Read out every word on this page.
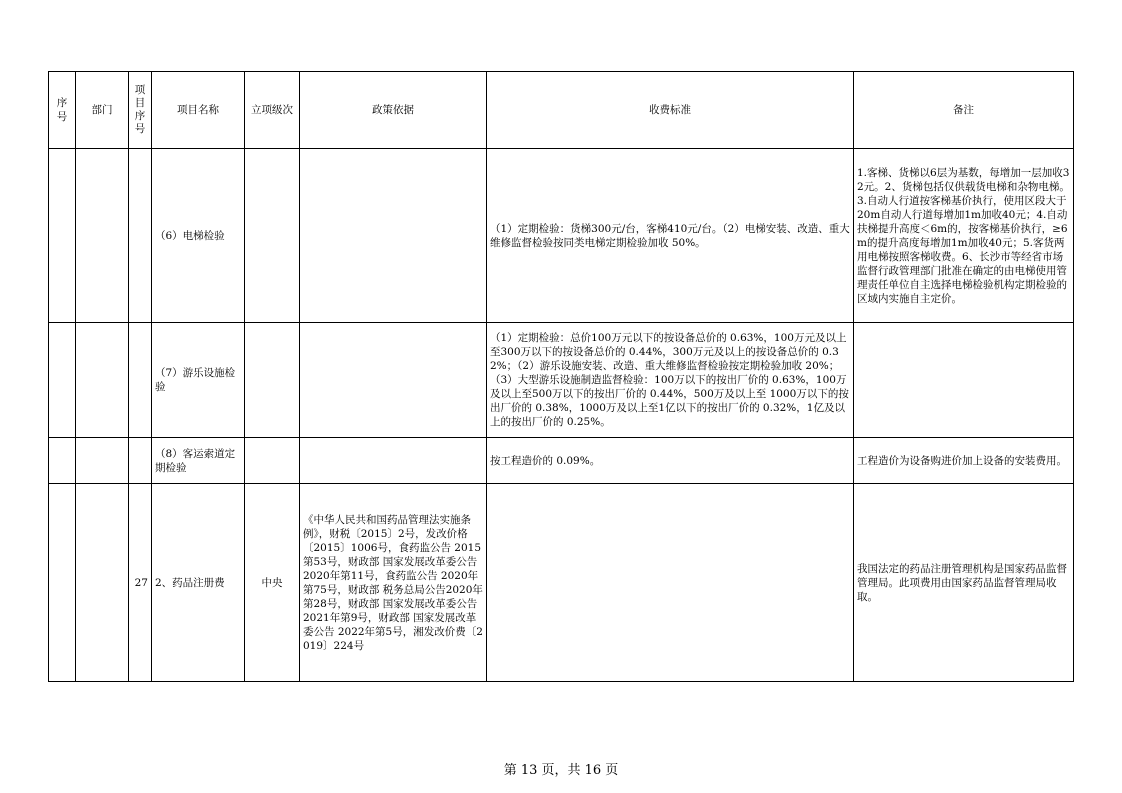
序号	部门	项目序号	项目名称	立项级次	政策依据	收费标准	备注
			（6）电梯检验			（1）定期检验：货梯300元/台，客梯410元/台。（2）电梯安装、改造、重大维修监督检验按同类电梯定期检验加收 50%。	1.客梯、货梯以6层为基数，每增加一层加收32元。2、货梯包括仅供载货电梯和杂物电梯。3.自动人行道按客梯基价执行，使用区段大于20m自动人行道每增加1m加收40元；4.自动扶梯提升高度＜6m的，按客梯基价执行，≥6m的提升高度每增加1m加收40元；5.客货两用电梯按照客梯收费。6、长沙市等经省市场监督行政管理部门批准在确定的由电梯使用管理责任单位自主选择电梯检验机构定期检验的区域内实施自主定价。
			（7）游乐设施检验			（1）定期检验：总价100万元以下的按设备总价的 0.63%，100万元及以上至300万以下的按设备总价的 0.44%，300万元及以上的按设备总价的 0.32%；（2）游乐设施安装、改造、重大维修监督检验按定期检验加收 20%；（3）大型游乐设施制造监督检验：100万以下的按出厂价的 0.63%，100万及以上至500万以下的按出厂价的 0.44%，500万及以上至 1000万以下的按出厂价的 0.38%，1000万及以上至1亿以下的按出厂价的 0.32%，1亿及以上的按出厂价的 0.25%。	
			（8）客运索道定期检验			按工程造价的 0.09%。	工程造价为设备购进价加上设备的安装费用。
		27	2、药品注册费	中央	《中华人民共和国药品管理法实施条例》，财税〔2015〕2号，发改价格〔2015〕1006号，食药监公告 2015第53号，财政部 国家发展改革委公告2020年第11号，食药监公告 2020年第75号，财政部 税务总局公告2020年第28号，财政部 国家发展改革委公告 2021年第9号，财政部 国家发展改革委公告 2022年第5号，湘发改价费〔2019〕224号		我国法定的药品注册管理机构是国家药品监督管理局。此项费用由国家药品监督管理局收取。
第 13 页，共 16 页
